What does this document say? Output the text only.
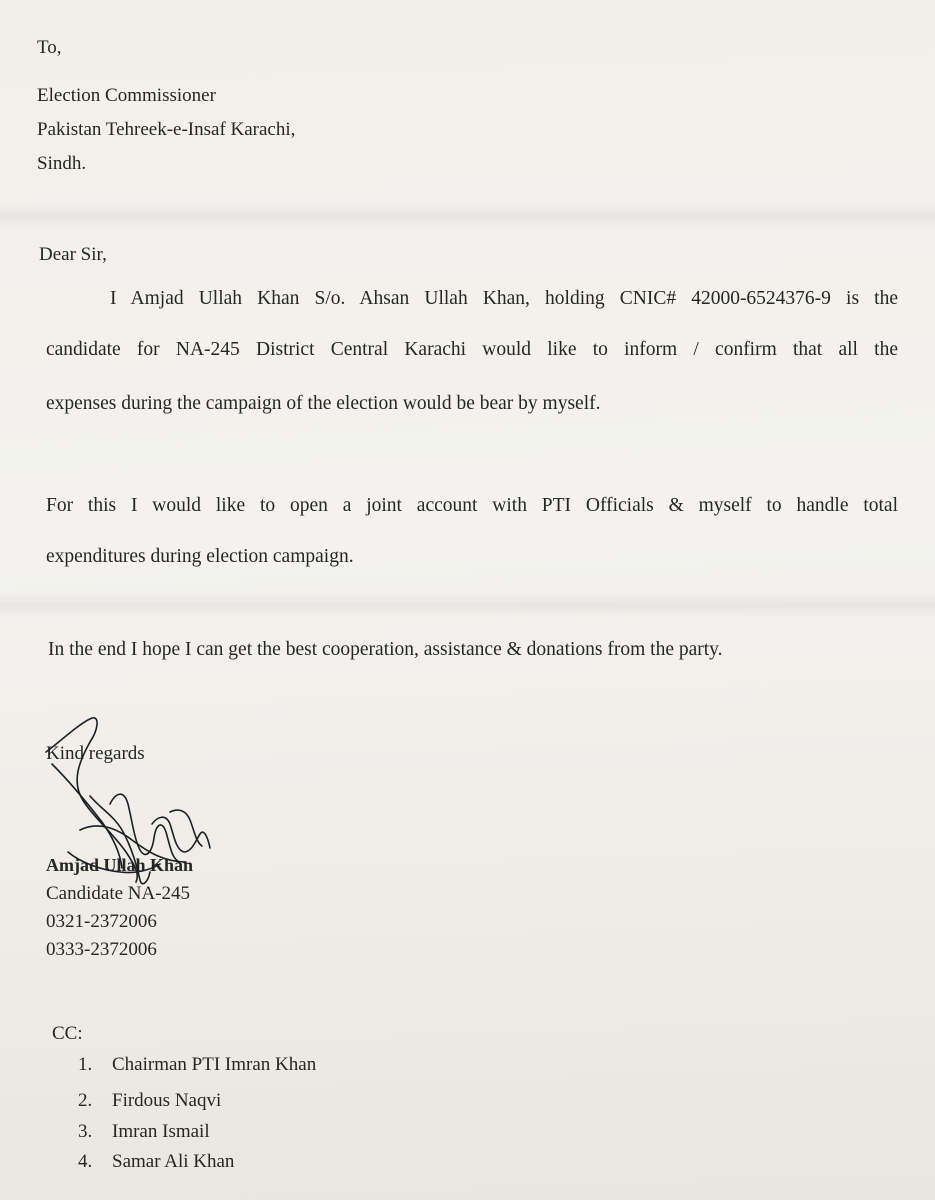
To,
Election Commissioner
Pakistan Tehreek-e-Insaf Karachi,
Sindh.
Dear Sir,
I Amjad Ullah Khan S/o. Ahsan Ullah Khan, holding CNIC# 42000-6524376-9 is the
candidate for NA-245 District Central Karachi would like to inform / confirm that all the
expenses during the campaign of the election would be bear by myself.
For this I would like to open a joint account with PTI Officials & myself to handle total
expenditures during election campaign.
In the end I hope I can get the best cooperation, assistance & donations from the party.
Kind regards
Amjad Ullah Khan
Candidate NA-245
0321-2372006
0333-2372006
CC:
1. Chairman PTI Imran Khan
2. Firdous Naqvi
3. Imran Ismail
4. Samar Ali Khan
